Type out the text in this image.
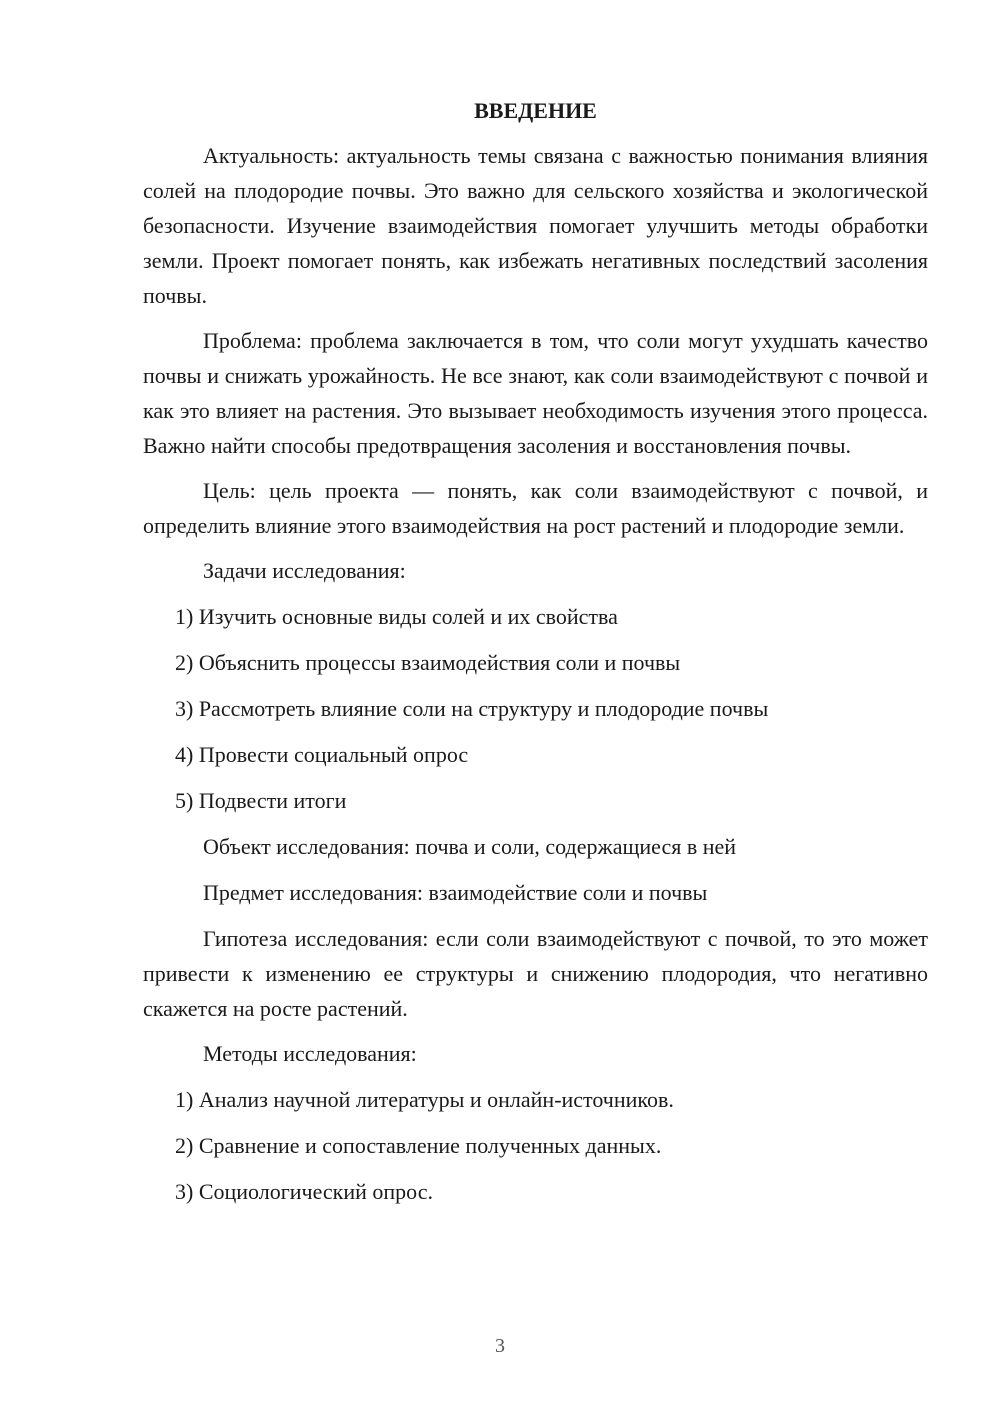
ВВЕДЕНИЕ

Актуальность: актуальность темы связана с важностью понимания влияния солей на плодородие почвы. Это важно для сельского хозяйства и экологической безопасности. Изучение взаимодействия помогает улучшить методы обработки земли. Проект помогает понять, как избежать негативных последствий засоления почвы.

Проблема: проблема заключается в том, что соли могут ухудшать качество почвы и снижать урожайность. Не все знают, как соли взаимодействуют с почвой и как это влияет на растения. Это вызывает необходимость изучения этого процесса. Важно найти способы предотвращения засоления и восстановления почвы.

Цель: цель проекта — понять, как соли взаимодействуют с почвой, и определить влияние этого взаимодействия на рост растений и плодородие земли.

Задачи исследования:
1) Изучить основные виды солей и их свойства
2) Объяснить процессы взаимодействия соли и почвы
3) Рассмотреть влияние соли на структуру и плодородие почвы
4) Провести социальный опрос
5) Подвести итоги
Объект исследования: почва и соли, содержащиеся в ней
Предмет исследования: взаимодействие соли и почвы

Гипотеза исследования: если соли взаимодействуют с почвой, то это может привести к изменению ее структуры и снижению плодородия, что негативно скажется на росте растений.

Методы исследования:
1) Анализ научной литературы и онлайн-источников.
2) Сравнение и сопоставление полученных данных.
3) Социологический опрос.
3
